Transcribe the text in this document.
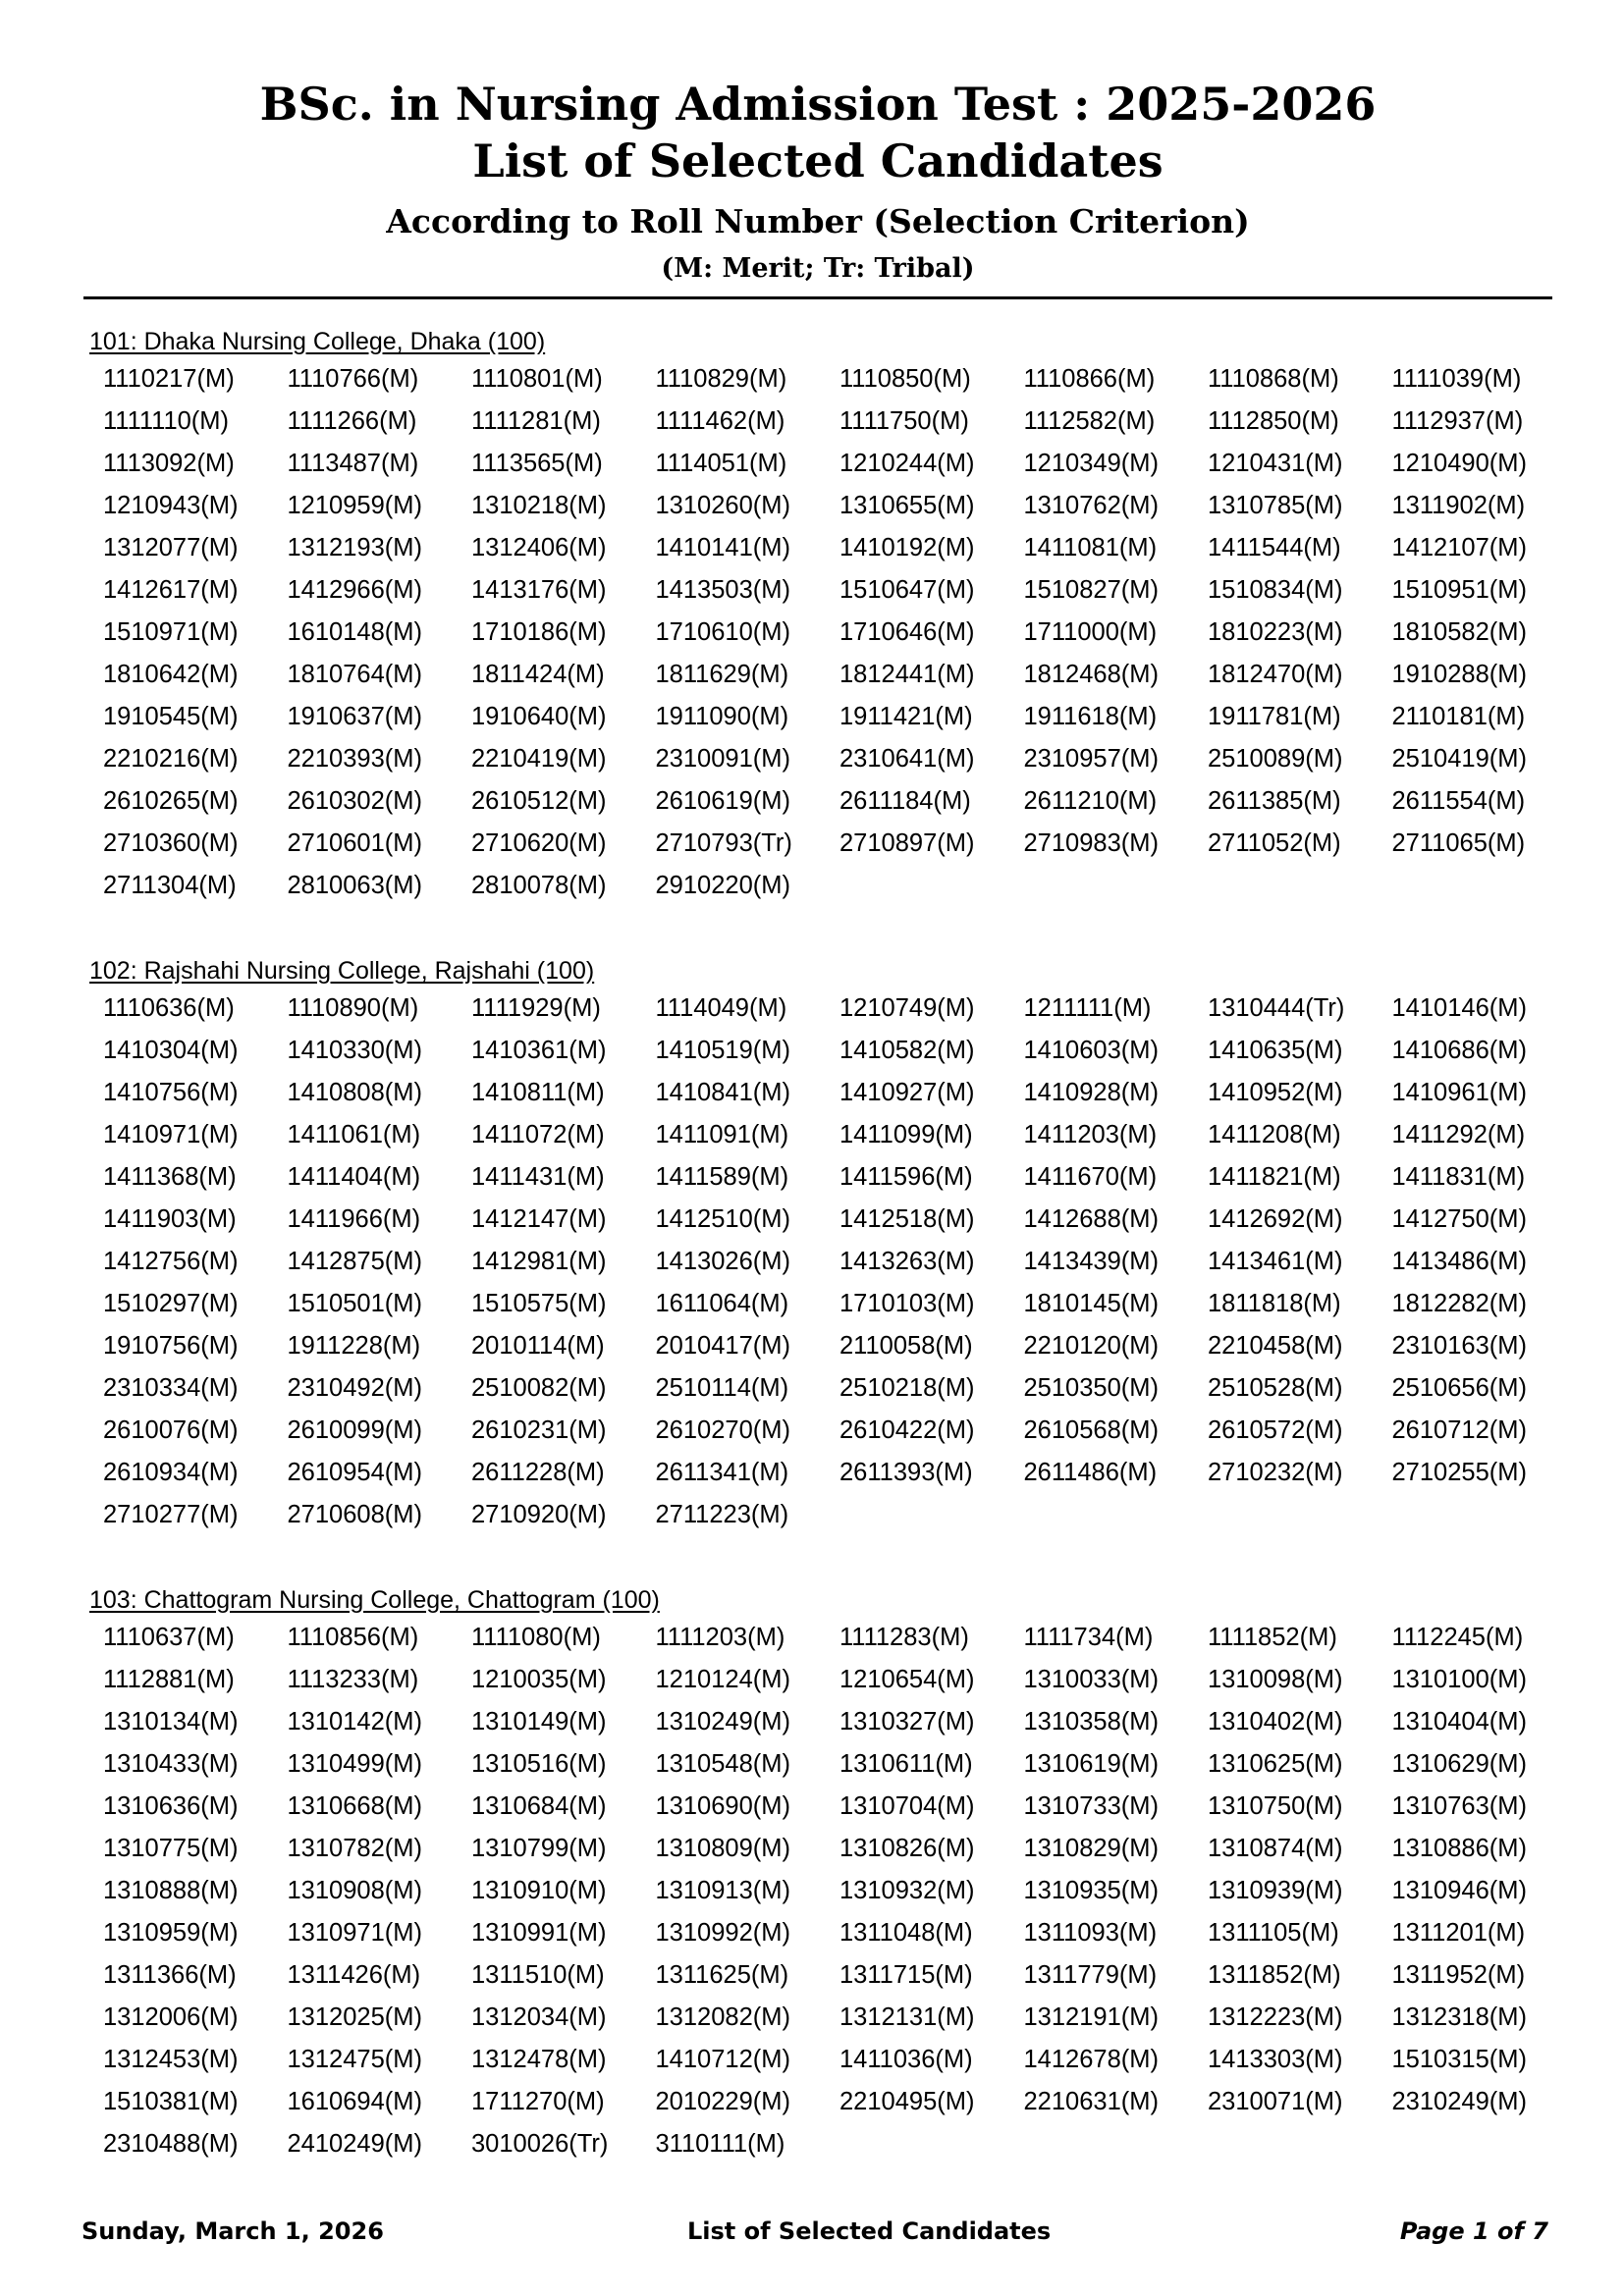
BSc. in Nursing Admission Test : 2025-2026
List of Selected Candidates
According to Roll Number (Selection Criterion)
(M: Merit; Tr: Tribal)
101: Dhaka Nursing College, Dhaka (100)
1110217(M)	1110766(M)	1110801(M)	1110829(M)	1110850(M)	1110866(M)	1110868(M)	1111039(M)
1111110(M)	1111266(M)	1111281(M)	1111462(M)	1111750(M)	1112582(M)	1112850(M)	1112937(M)
1113092(M)	1113487(M)	1113565(M)	1114051(M)	1210244(M)	1210349(M)	1210431(M)	1210490(M)
1210943(M)	1210959(M)	1310218(M)	1310260(M)	1310655(M)	1310762(M)	1310785(M)	1311902(M)
1312077(M)	1312193(M)	1312406(M)	1410141(M)	1410192(M)	1411081(M)	1411544(M)	1412107(M)
1412617(M)	1412966(M)	1413176(M)	1413503(M)	1510647(M)	1510827(M)	1510834(M)	1510951(M)
1510971(M)	1610148(M)	1710186(M)	1710610(M)	1710646(M)	1711000(M)	1810223(M)	1810582(M)
1810642(M)	1810764(M)	1811424(M)	1811629(M)	1812441(M)	1812468(M)	1812470(M)	1910288(M)
1910545(M)	1910637(M)	1910640(M)	1911090(M)	1911421(M)	1911618(M)	1911781(M)	2110181(M)
2210216(M)	2210393(M)	2210419(M)	2310091(M)	2310641(M)	2310957(M)	2510089(M)	2510419(M)
2610265(M)	2610302(M)	2610512(M)	2610619(M)	2611184(M)	2611210(M)	2611385(M)	2611554(M)
2710360(M)	2710601(M)	2710620(M)	2710793(Tr)	2710897(M)	2710983(M)	2711052(M)	2711065(M)
2711304(M)	2810063(M)	2810078(M)	2910220(M)
102: Rajshahi Nursing College, Rajshahi (100)
1110636(M)	1110890(M)	1111929(M)	1114049(M)	1210749(M)	1211111(M)	1310444(Tr)	1410146(M)
1410304(M)	1410330(M)	1410361(M)	1410519(M)	1410582(M)	1410603(M)	1410635(M)	1410686(M)
1410756(M)	1410808(M)	1410811(M)	1410841(M)	1410927(M)	1410928(M)	1410952(M)	1410961(M)
1410971(M)	1411061(M)	1411072(M)	1411091(M)	1411099(M)	1411203(M)	1411208(M)	1411292(M)
1411368(M)	1411404(M)	1411431(M)	1411589(M)	1411596(M)	1411670(M)	1411821(M)	1411831(M)
1411903(M)	1411966(M)	1412147(M)	1412510(M)	1412518(M)	1412688(M)	1412692(M)	1412750(M)
1412756(M)	1412875(M)	1412981(M)	1413026(M)	1413263(M)	1413439(M)	1413461(M)	1413486(M)
1510297(M)	1510501(M)	1510575(M)	1611064(M)	1710103(M)	1810145(M)	1811818(M)	1812282(M)
1910756(M)	1911228(M)	2010114(M)	2010417(M)	2110058(M)	2210120(M)	2210458(M)	2310163(M)
2310334(M)	2310492(M)	2510082(M)	2510114(M)	2510218(M)	2510350(M)	2510528(M)	2510656(M)
2610076(M)	2610099(M)	2610231(M)	2610270(M)	2610422(M)	2610568(M)	2610572(M)	2610712(M)
2610934(M)	2610954(M)	2611228(M)	2611341(M)	2611393(M)	2611486(M)	2710232(M)	2710255(M)
2710277(M)	2710608(M)	2710920(M)	2711223(M)
103: Chattogram Nursing College, Chattogram (100)
1110637(M)	1110856(M)	1111080(M)	1111203(M)	1111283(M)	1111734(M)	1111852(M)	1112245(M)
1112881(M)	1113233(M)	1210035(M)	1210124(M)	1210654(M)	1310033(M)	1310098(M)	1310100(M)
1310134(M)	1310142(M)	1310149(M)	1310249(M)	1310327(M)	1310358(M)	1310402(M)	1310404(M)
1310433(M)	1310499(M)	1310516(M)	1310548(M)	1310611(M)	1310619(M)	1310625(M)	1310629(M)
1310636(M)	1310668(M)	1310684(M)	1310690(M)	1310704(M)	1310733(M)	1310750(M)	1310763(M)
1310775(M)	1310782(M)	1310799(M)	1310809(M)	1310826(M)	1310829(M)	1310874(M)	1310886(M)
1310888(M)	1310908(M)	1310910(M)	1310913(M)	1310932(M)	1310935(M)	1310939(M)	1310946(M)
1310959(M)	1310971(M)	1310991(M)	1310992(M)	1311048(M)	1311093(M)	1311105(M)	1311201(M)
1311366(M)	1311426(M)	1311510(M)	1311625(M)	1311715(M)	1311779(M)	1311852(M)	1311952(M)
1312006(M)	1312025(M)	1312034(M)	1312082(M)	1312131(M)	1312191(M)	1312223(M)	1312318(M)
1312453(M)	1312475(M)	1312478(M)	1410712(M)	1411036(M)	1412678(M)	1413303(M)	1510315(M)
1510381(M)	1610694(M)	1711270(M)	2010229(M)	2210495(M)	2210631(M)	2310071(M)	2310249(M)
2310488(M)	2410249(M)	3010026(Tr)	3110111(M)
Sunday, March 1, 2026	List of Selected Candidates	Page 1 of 7
